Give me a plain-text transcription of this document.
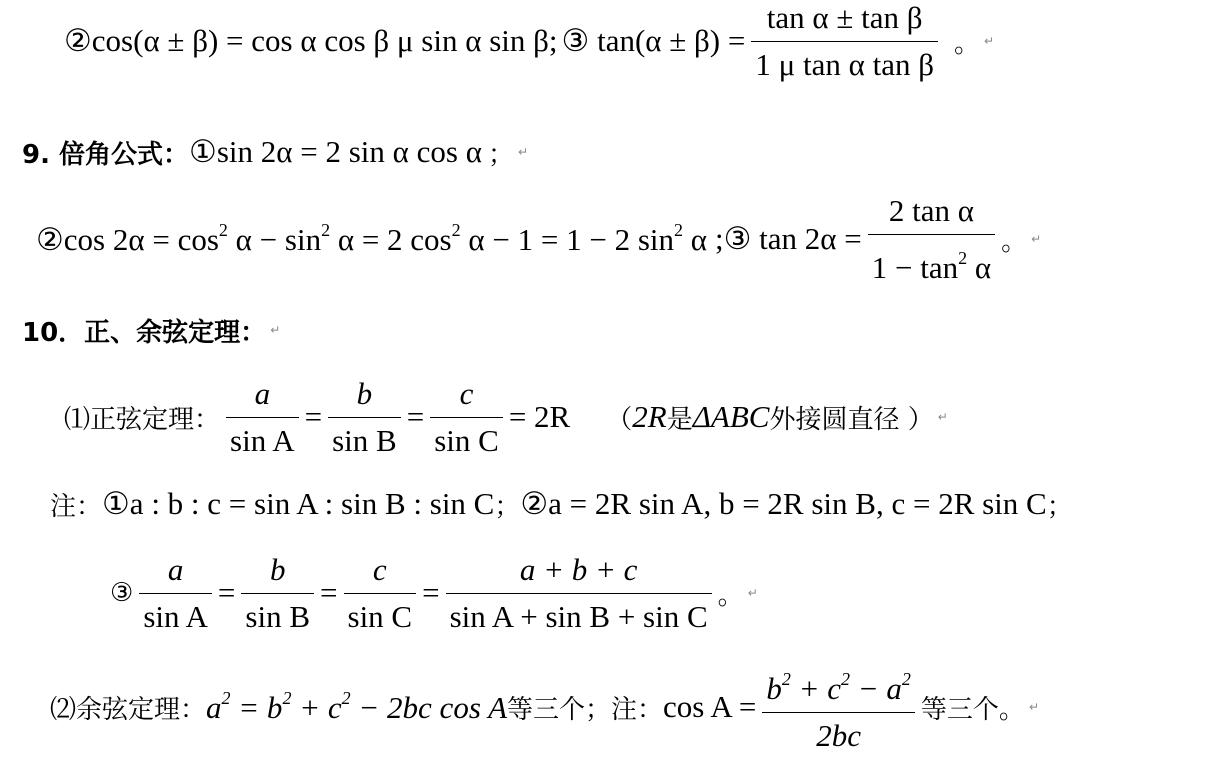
②cos(α ± β) = cos α cos β μ sin α sin β; ③ $\tan(\alpha \pm \beta) = \frac{\text{tan α ± tan β}}{\text{1 μ tan α tan β}}$ 。 ↵
9. 倍角公式： ①sin 2α = 2 sin α cos α ； ↵
②cos $2\alpha = \cos^2 \alpha - \sin^2 \alpha = 2$ $\cos^2 \alpha - 1 = 1 - 2$ $\sin^2 \alpha$ ;③ $\tan 2\alpha = \frac{\text{2 tan α}}{1 - \tan^2 \alpha}$ 。 ↵
10．正、余弦定理： ↵
⑴正弦定理： $\frac{a}{\text{sin A}} = \frac{b}{\text{sin B}} = \frac{c}{\text{sin C}} = 2R$ （ 2R 是 ΔABC 外接圆直径 ） ↵
注： ①a : b : c = sin A : sin B : sin C ； ②a = 2R sin A, b = 2R sin B, c = 2R sin C ；
③ $\frac{a}{\text{sin A}} = \frac{b}{\text{sin B}} = \frac{c}{\text{sin C}} = \frac{a + b + c}{\text{sin A + sin B + sin C}}$ 。 ↵
⑵余弦定理： $a^2 = b^2 + c^2 - 2bc$ cos A 等三个；注： $\cos A = \frac{b^2 + c^2 - a^2}{2bc}$ 等三个。 ↵
